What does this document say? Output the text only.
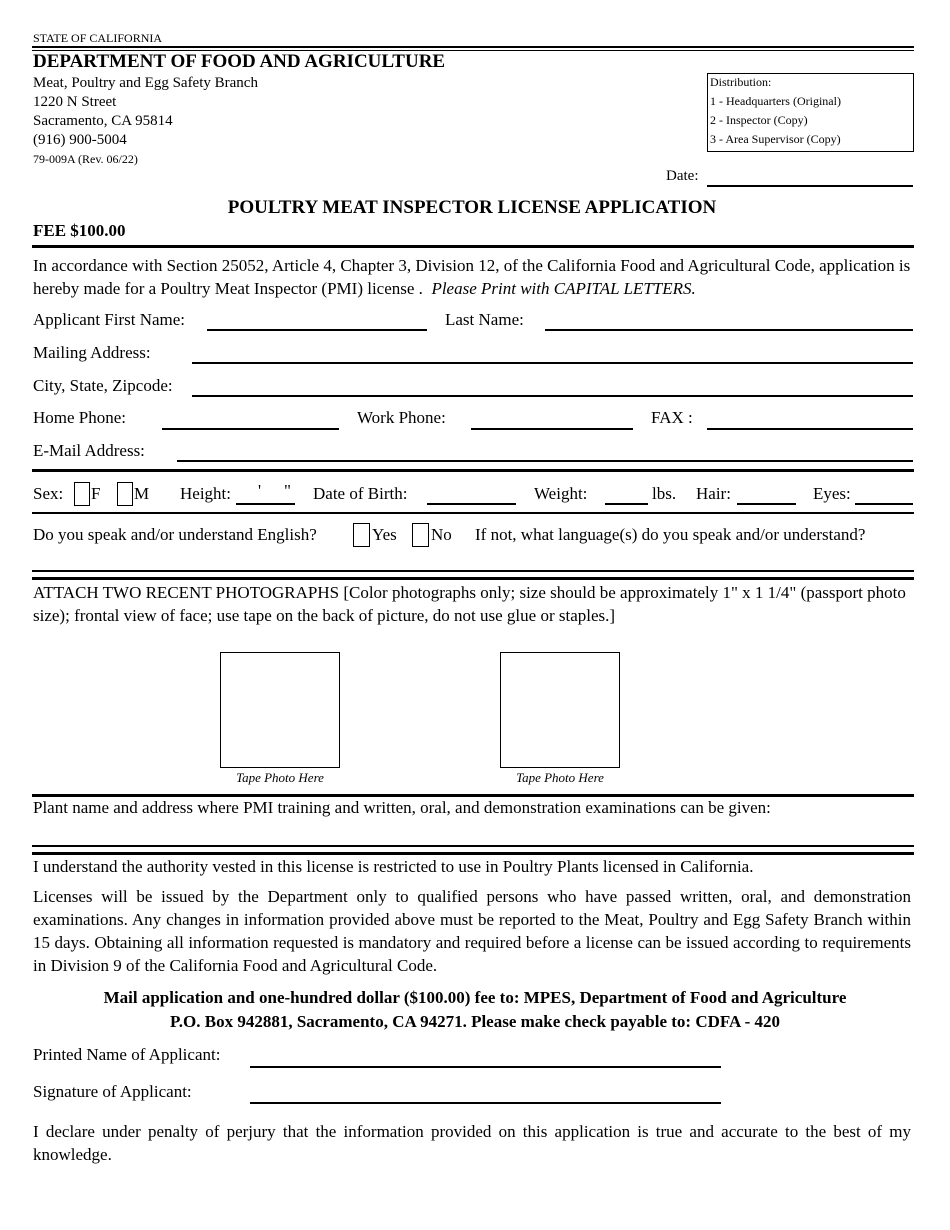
STATE OF CALIFORNIA
DEPARTMENT OF FOOD AND AGRICULTURE
Meat, Poultry and Egg Safety Branch
1220 N Street
Sacramento, CA 95814
(916) 900-5004
79-009A (Rev. 06/22)
Distribution:
1 - Headquarters (Original)
2 - Inspector (Copy)
3 - Area Supervisor (Copy)
Date:
POULTRY MEAT INSPECTOR LICENSE APPLICATION
FEE $100.00
In accordance with Section 25052, Article 4, Chapter 3, Division 12, of the California Food and Agricultural Code, application is hereby made for a Poultry Meat Inspector (PMI) license . Please Print with CAPITAL LETTERS.
Applicant First Name:	Last Name:
Mailing Address:
City, State, Zipcode:
Home Phone:	Work Phone:	FAX :
E-Mail Address:
Sex: F M Height: ' " Date of Birth:	Weight:	lbs. Hair:	Eyes:
Do you speak and/or understand English?	Yes No If not, what language(s) do you speak and/or understand?
ATTACH TWO RECENT PHOTOGRAPHS [Color photographs only; size should be approximately 1" x 1 1/4" (passport photo size); frontal view of face; use tape on the back of picture, do not use glue or staples.]
Tape Photo Here	Tape Photo Here
Plant name and address where PMI training and written, oral, and demonstration examinations can be given:
I understand the authority vested in this license is restricted to use in Poultry Plants licensed in California.
Licenses will be issued by the Department only to qualified persons who have passed written, oral, and demonstration examinations. Any changes in information provided above must be reported to the Meat, Poultry and Egg Safety Branch within 15 days. Obtaining all information requested is mandatory and required before a license can be issued according to requirements in Division 9 of the California Food and Agricultural Code.
Mail application and one-hundred dollar ($100.00) fee to: MPES, Department of Food and Agriculture
P.O. Box 942881, Sacramento, CA 94271. Please make check payable to: CDFA - 420
Printed Name of Applicant:
Signature of Applicant:
I declare under penalty of perjury that the information provided on this application is true and accurate to the best of my knowledge.
